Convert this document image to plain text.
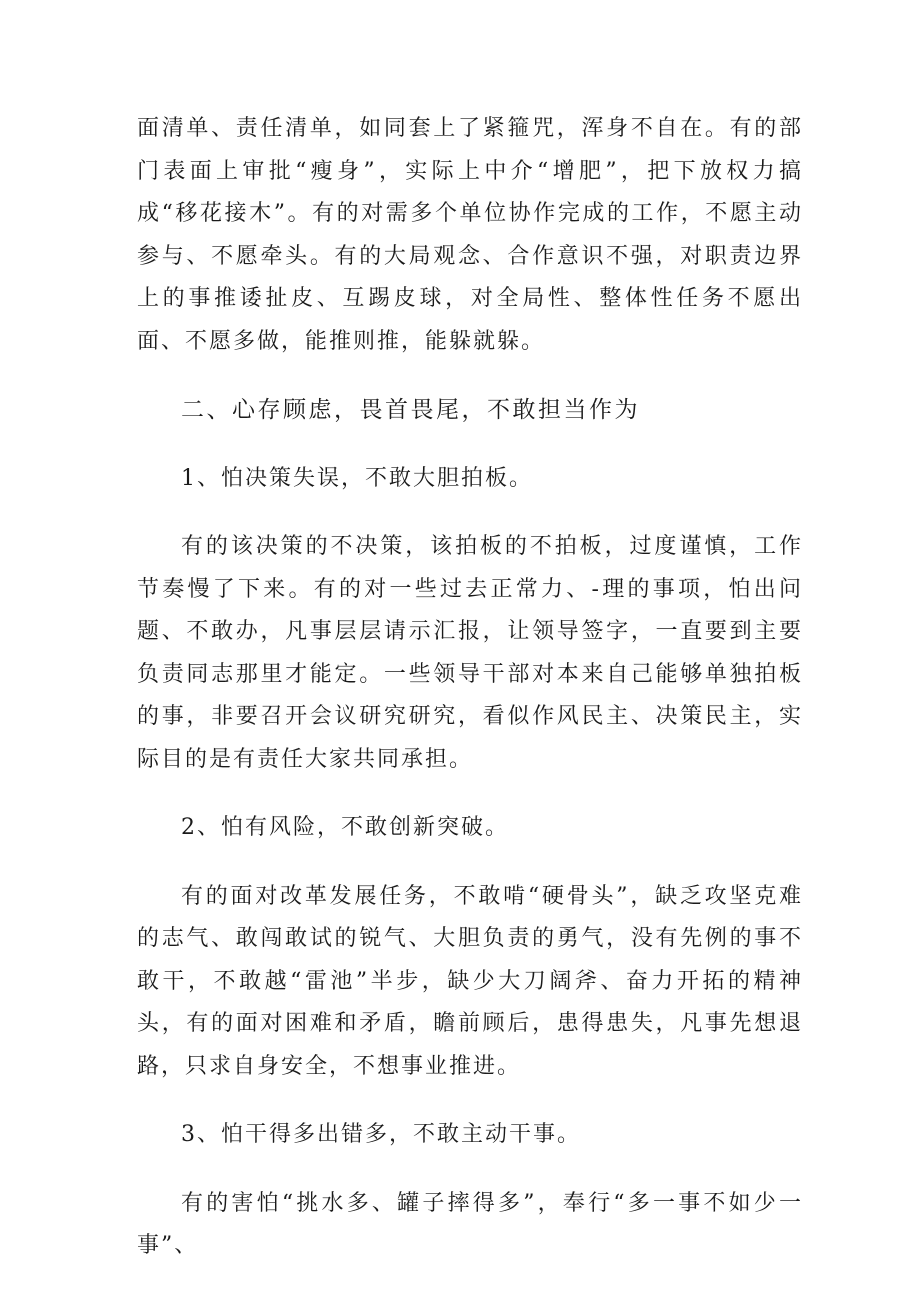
面清单、责任清单，如同套上了紧箍咒，浑身不自在。有的部门表面上审批“瘦身”，实际上中介“增肥”，把下放权力搞成“移花接木”。有的对需多个单位协作完成的工作，不愿主动参与、不愿牵头。有的大局观念、合作意识不强，对职责边界上的事推诿扯皮、互踢皮球，对全局性、整体性任务不愿出面、不愿多做，能推则推，能躲就躲。

二、心存顾虑，畏首畏尾，不敢担当作为

1、怕决策失误，不敢大胆拍板。

有的该决策的不决策，该拍板的不拍板，过度谨慎，工作节奏慢了下来。有的对一些过去正常力、-理的事项，怕出问题、不敢办，凡事层层请示汇报，让领导签字，一直要到主要负责同志那里才能定。一些领导干部对本来自己能够单独拍板的事，非要召开会议研究研究，看似作风民主、决策民主，实际目的是有责任大家共同承担。

2、怕有风险，不敢创新突破。

有的面对改革发展任务，不敢啃“硬骨头”，缺乏攻坚克难的志气、敢闯敢试的锐气、大胆负责的勇气，没有先例的事不敢干，不敢越“雷池”半步，缺少大刀阔斧、奋力开拓的精神头，有的面对困难和矛盾，瞻前顾后，患得患失，凡事先想退路，只求自身安全，不想事业推进。

3、怕干得多出错多，不敢主动干事。

有的害怕“挑水多、罐子摔得多”，奉行“多一事不如少一事”、
